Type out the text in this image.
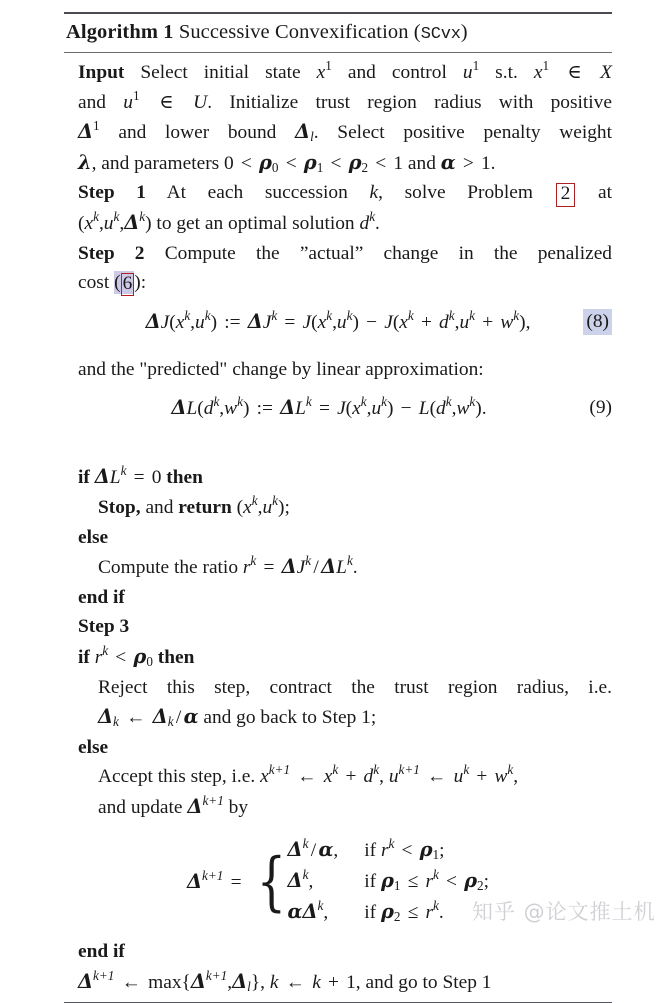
Algorithm 1 Successive Convexification (SCvx)
Input Select initial state $x^1$ and control $u^1$ s.t. $x^1$ ∈ X
and $u^1$ ∈ U. Initialize trust region radius with positive
$\Delta^1$ and lower bound $\Delta_l$. Select positive penalty weight
λ, and parameters $0 < \rho_0 < \rho_1 < \rho_2 < 1$ and α > 1.
Step 1 At each succession k, solve Problem 2 at
$(x^k,u^k,\Delta^k)$ to get an optimal solution $d^k$.
Step 2 Compute the ”actual” change in the penalized
cost ( 6 ):
$\Delta J(x^k,u^k)$ := $\Delta J^k = J(x^k,u^k) - J(x^k + d^k,u^k + w^k)$,	(8)
and the "predicted" change by linear approximation:
$\Delta L(d^k,w^k)$ := $\Delta L^k = J(x^k,u^k) - L(d^k,w^k)$.	(9)
if $\Delta L^k = 0$ then
Stop, and return $(x^k,u^k)$;
else
Compute the ratio $r^k = \Delta J^k / \Delta L^k$.
end if
Step 3
if $r^k < \rho_0$ then
Reject this step, contract the trust region radius, i.e.
$\Delta_k$ ← $\Delta_k$ / α and go back to Step 1;
else
Accept this step, i.e. $x^{k+1}$ ← $x^k + d^k$, $u^{k+1}$ ← $u^k + w^k$,
and update $\Delta^{k+1}$ by
$\Delta^{k+1}$ = { $\Delta^k$ / α,	if $r^k < \rho_1$;
$\Delta^k$,	if $\rho_1 \le r^k < \rho_2$;
$\alpha\Delta^k$,	if $\rho_2 \le r^k$.
end if
$\Delta^{k+1}$ ← $\max\{\Delta^{k+1},\Delta_l\}$, k ← k + 1, and go to Step 1
知乎 @论文推土机
